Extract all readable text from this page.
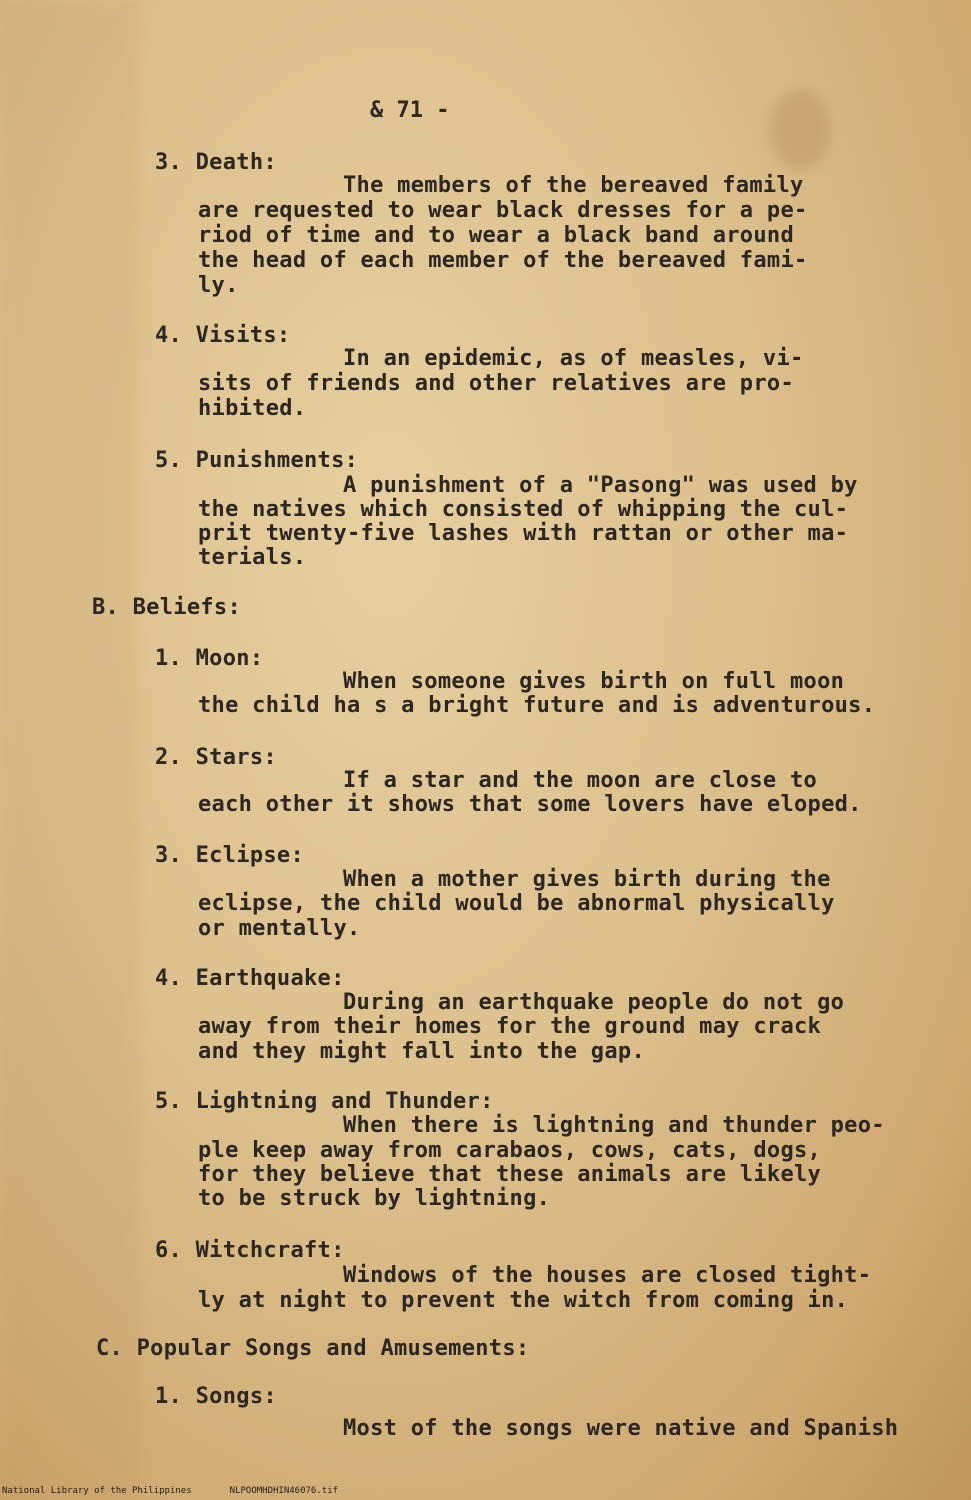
& 71 -
3. Death:
The members of the bereaved family
are requested to wear black dresses for a pe-
riod of time and to wear a black band around
the head of each member of the bereaved fami-
ly.
4. Visits:
In an epidemic, as of measles, vi-
sits of friends and other relatives are pro-
hibited.
5. Punishments:
A punishment of a "Pasong" was used by
the natives which consisted of whipping the cul-
prit twenty-five lashes with rattan or other ma-
terials.
B. Beliefs:
1. Moon:
When someone gives birth on full moon
the child ha s a bright future and is adventurous.
2. Stars:
If a star and the moon are close to
each other it shows that some lovers have eloped.
3. Eclipse:
When a mother gives birth during the
eclipse, the child would be abnormal physically
or mentally.
4. Earthquake:
During an earthquake people do not go
away from their homes for the ground may crack
and they might fall into the gap.
5. Lightning and Thunder:
When there is lightning and thunder peo-
ple keep away from carabaos, cows, cats, dogs,
for they believe that these animals are likely
to be struck by lightning.
6. Witchcraft:
Windows of the houses are closed tight-
ly at night to prevent the witch from coming in.
C. Popular Songs and Amusements:
1. Songs:
Most of the songs were native and Spanish
National Library of the Philippines	NLPOOMHDHIN46076.tif
